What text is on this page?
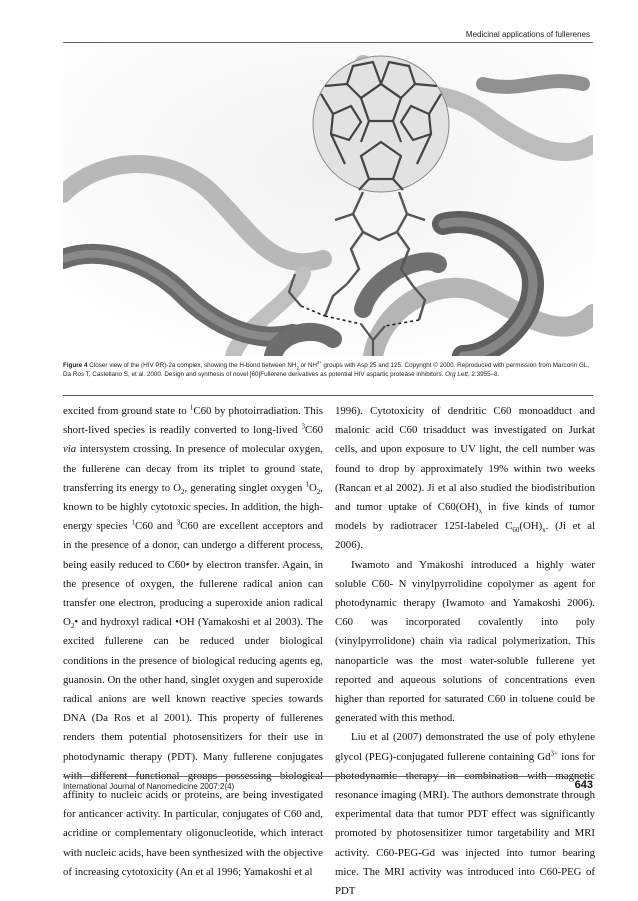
Medicinal applications of fullerenes
Figure 4 Closer view of the (HIV PR)-2a complex, showing the H-bond between $NH_2$ or $NH^{3+}$ groups with Asp 25 and 125. Copyright © 2000. Reproduced with permission from Marcorin GL, Da Ros T, Castellano S, et al. 2000. Design and synthesis of novel [60]Fullerene derivatives as potential HIV aspartic protease inhibitors. Org Lett, 2:3955–8.

excited from ground state to $^1$C60 by photoirradiation. This short-lived species is readily converted to long-lived $^3$C60 via intersystem crossing. In presence of molecular oxygen, the fullerene can decay from its triplet to ground state, transferring its energy to $O_2$, generating singlet oxygen $^1O_2$, known to be highly cytotoxic species. In addition, the high-energy species $^1$C60 and $^3$C60 are excellent acceptors and in the presence of a donor, can undergo a different process, being easily reduced to C60• by electron transfer. Again, in the presence of oxygen, the fullerene radical anion can transfer one electron, producing a superoxide anion radical $O_2•$ and hydroxyl radical •OH (Yamakoshi et al 2003). The excited fullerene can be reduced under biological conditions in the presence of biological reducing agents eg, guanosin. On the other hand, singlet oxygen and superoxide radical anions are well known reactive species towards DNA (Da Ros et al 2001). This property of fullerenes renders them potential photosensitizers for their use in photodynamic therapy (PDT). Many fullerene conjugates with different functional groups possessing biological affinity to nucleic acids or proteins, are being investigated for anticancer activity. In particular, conjugates of C60 and, acridine or complementary oligonucleotide, which interact with nucleic acids, have been synthesized with the objective of increasing cytotoxicity (An et al 1996; Yamakoshi et al

1996). Cytotoxicity of dendritic C60 monoadduct and malonic acid C60 trisadduct was investigated on Jurkat cells, and upon exposure to UV light, the cell number was found to drop by approximately 19% within two weeks (Rancan et al 2002). Ji et al also studied the biodistribution and tumor uptake of $C60(OH)_x$ in five kinds of tumor models by radiotracer 125I-labeled $C_{60}(OH)_x$. (Ji et al 2006).

Iwamoto and Ymakoshi introduced a highly water soluble C60- N vinylpyrrolidine copolymer as agent for photodynamic therapy (Iwamoto and Yamakoshi 2006). C60 was incorporated covalently into poly (vinylpyrrolidone) chain via radical polymerization. This nanoparticle was the most water-soluble fullerene yet reported and aqueous solutions of concentrations even higher than reported for saturated C60 in toluene could be generated with this method.

Liu et al (2007) demonstrated the use of poly ethylene glycol (PEG)-conjugated fullerene containing $Gd^{3+}$ ions for photodynamic therapy in combination with magnetic resonance imaging (MRI). The authors demonstrate through experimental data that tumor PDT effect was significantly promoted by photosensitizer tumor targetability and MRI activity. C60-PEG-Gd was injected into tumor bearing mice. The MRI activity was introduced into C60-PEG of PDT

International Journal of Nanomedicine 2007:2(4)	643
